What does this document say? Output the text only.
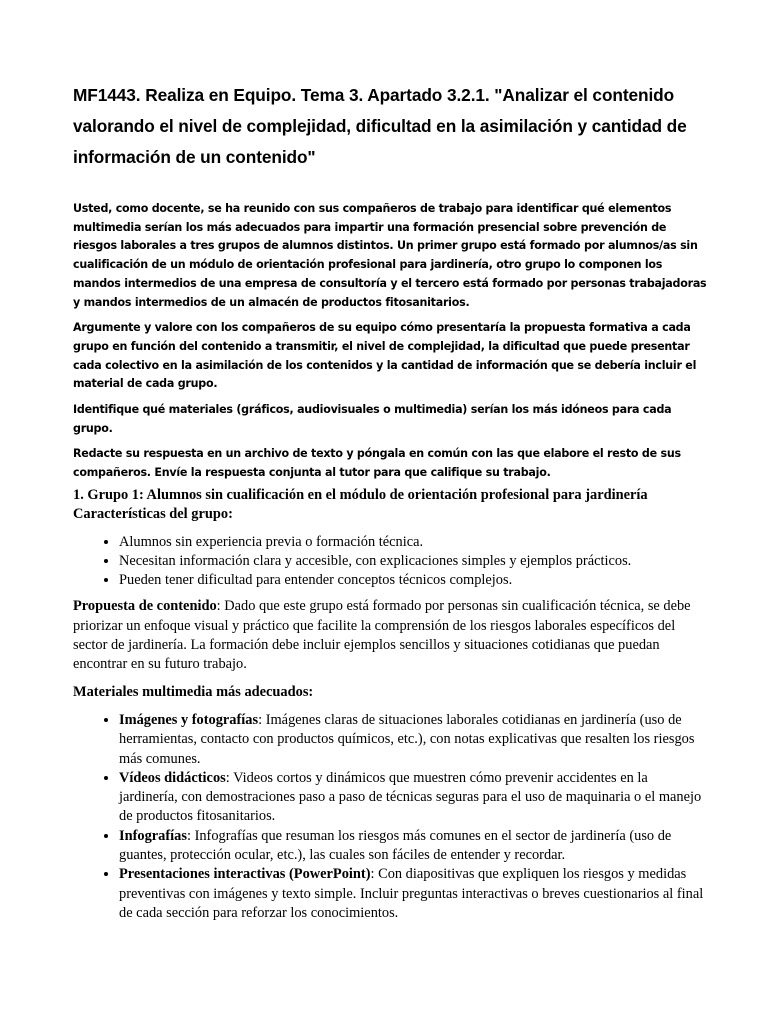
MF1443. Realiza en Equipo. Tema 3. Apartado 3.2.1. "Analizar el contenido valorando el nivel de complejidad, dificultad en la asimilación y cantidad de información de un contenido"

Usted, como docente, se ha reunido con sus compañeros de trabajo para identificar qué elementos multimedia serían los más adecuados para impartir una formación presencial sobre prevención de riesgos laborales a tres grupos de alumnos distintos. Un primer grupo está formado por alumnos/as sin cualificación de un módulo de orientación profesional para jardinería, otro grupo lo componen los mandos intermedios de una empresa de consultoría y el tercero está formado por personas trabajadoras y mandos intermedios de un almacén de productos fitosanitarios.

Argumente y valore con los compañeros de su equipo cómo presentaría la propuesta formativa a cada grupo en función del contenido a transmitir, el nivel de complejidad, la dificultad que puede presentar cada colectivo en la asimilación de los contenidos y la cantidad de información que se debería incluir el material de cada grupo.

Identifique qué materiales (gráficos, audiovisuales o multimedia) serían los más idóneos para cada grupo.

Redacte su respuesta en un archivo de texto y póngala en común con las que elabore el resto de sus compañeros. Envíe la respuesta conjunta al tutor para que califique su trabajo.

1. Grupo 1: Alumnos sin cualificación en el módulo de orientación profesional para jardinería

Características del grupo:

• Alumnos sin experiencia previa o formación técnica.
• Necesitan información clara y accesible, con explicaciones simples y ejemplos prácticos.
• Pueden tener dificultad para entender conceptos técnicos complejos.

Propuesta de contenido: Dado que este grupo está formado por personas sin cualificación técnica, se debe priorizar un enfoque visual y práctico que facilite la comprensión de los riesgos laborales específicos del sector de jardinería. La formación debe incluir ejemplos sencillos y situaciones cotidianas que puedan encontrar en su futuro trabajo.

Materiales multimedia más adecuados:

• Imágenes y fotografías: Imágenes claras de situaciones laborales cotidianas en jardinería (uso de herramientas, contacto con productos químicos, etc.), con notas explicativas que resalten los riesgos más comunes.
• Vídeos didácticos: Videos cortos y dinámicos que muestren cómo prevenir accidentes en la jardinería, con demostraciones paso a paso de técnicas seguras para el uso de maquinaria o el manejo de productos fitosanitarios.
• Infografías: Infografías que resuman los riesgos más comunes en el sector de jardinería (uso de guantes, protección ocular, etc.), las cuales son fáciles de entender y recordar.
• Presentaciones interactivas (PowerPoint): Con diapositivas que expliquen los riesgos y medidas preventivas con imágenes y texto simple. Incluir preguntas interactivas o breves cuestionarios al final de cada sección para reforzar los conocimientos.
